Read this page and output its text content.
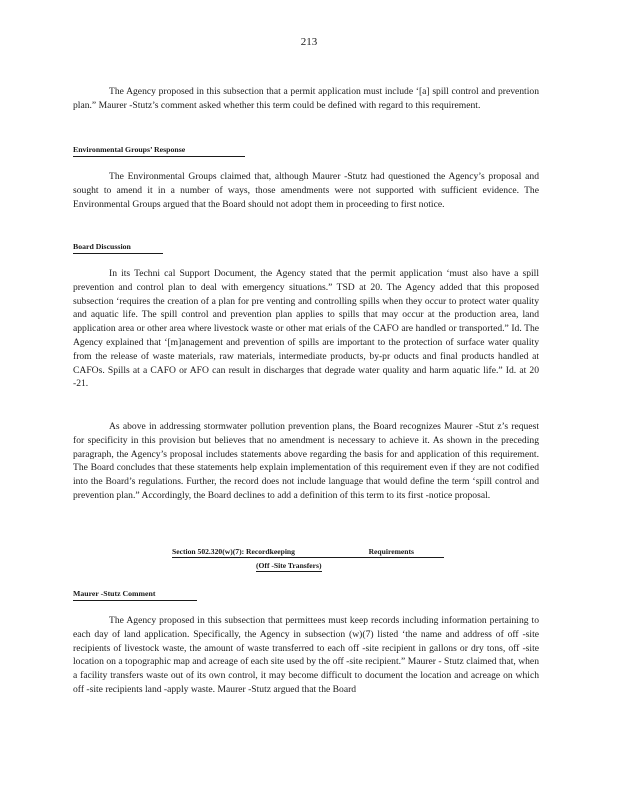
213

The Agency proposed in this subsection that a permit application must include ‘[a] spill control and prevention plan.” Maurer -Stutz’s comment asked whether this term could be defined with regard to this requirement.

Environmental Groups’ Response

The Environmental Groups claimed that, although Maurer -Stutz had questioned the Agency’s proposal and sought to amend it in a number of ways, those amendments were not supported with sufficient evidence. The Environmental Groups argued that the Board should not adopt them in proceeding to first notice.

Board Discussion

In its Techni cal Support Document, the Agency stated that the permit application ‘must also have a spill prevention and control plan to deal with emergency situations.” TSD at 20. The Agency added that this proposed subsection ‘requires the creation of a plan for pre venting and controlling spills when they occur to protect water quality and aquatic life. The spill control and prevention plan applies to spills that may occur at the production area, land application area or other area where livestock waste or other mat erials of the CAFO are handled or transported.” Id. The Agency explained that ‘[m]anagement and prevention of spills are important to the protection of surface water quality from the release of waste materials, raw materials, intermediate products, by-pr oducts and final products handled at CAFOs. Spills at a CAFO or AFO can result in discharges that degrade water quality and harm aquatic life.” Id. at 20 -21.

As above in addressing stormwater pollution prevention plans, the Board recognizes Maurer -Stut z’s request for specificity in this provision but believes that no amendment is necessary to achieve it. As shown in the preceding paragraph, the Agency’s proposal includes statements above regarding the basis for and application of this requirement. The Board concludes that these statements help explain implementation of this requirement even if they are not codified into the Board’s regulations. Further, the record does not include language that would define the term ‘spill control and prevention plan.” Accordingly, the Board declines to add a definition of this term to its first -notice proposal.

Section 502.320(w)(7): Recordkeeping	Requirements
(Off -Site Transfers)
Maurer -Stutz Comment

The Agency proposed in this subsection that permittees must keep records including information pertaining to each day of land application. Specifically, the Agency in subsection (w)(7) listed ‘the name and address of off -site recipients of livestock waste, the amount of waste transferred to each off -site recipient in gallons or dry tons, off -site location on a topographic map and acreage of each site used by the off -site recipient.” Maurer - Stutz claimed that, when a facility transfers waste out of its own control, it may become difficult to document the location and acreage on which off -site recipients land -apply waste. Maurer -Stutz argued that the Board
